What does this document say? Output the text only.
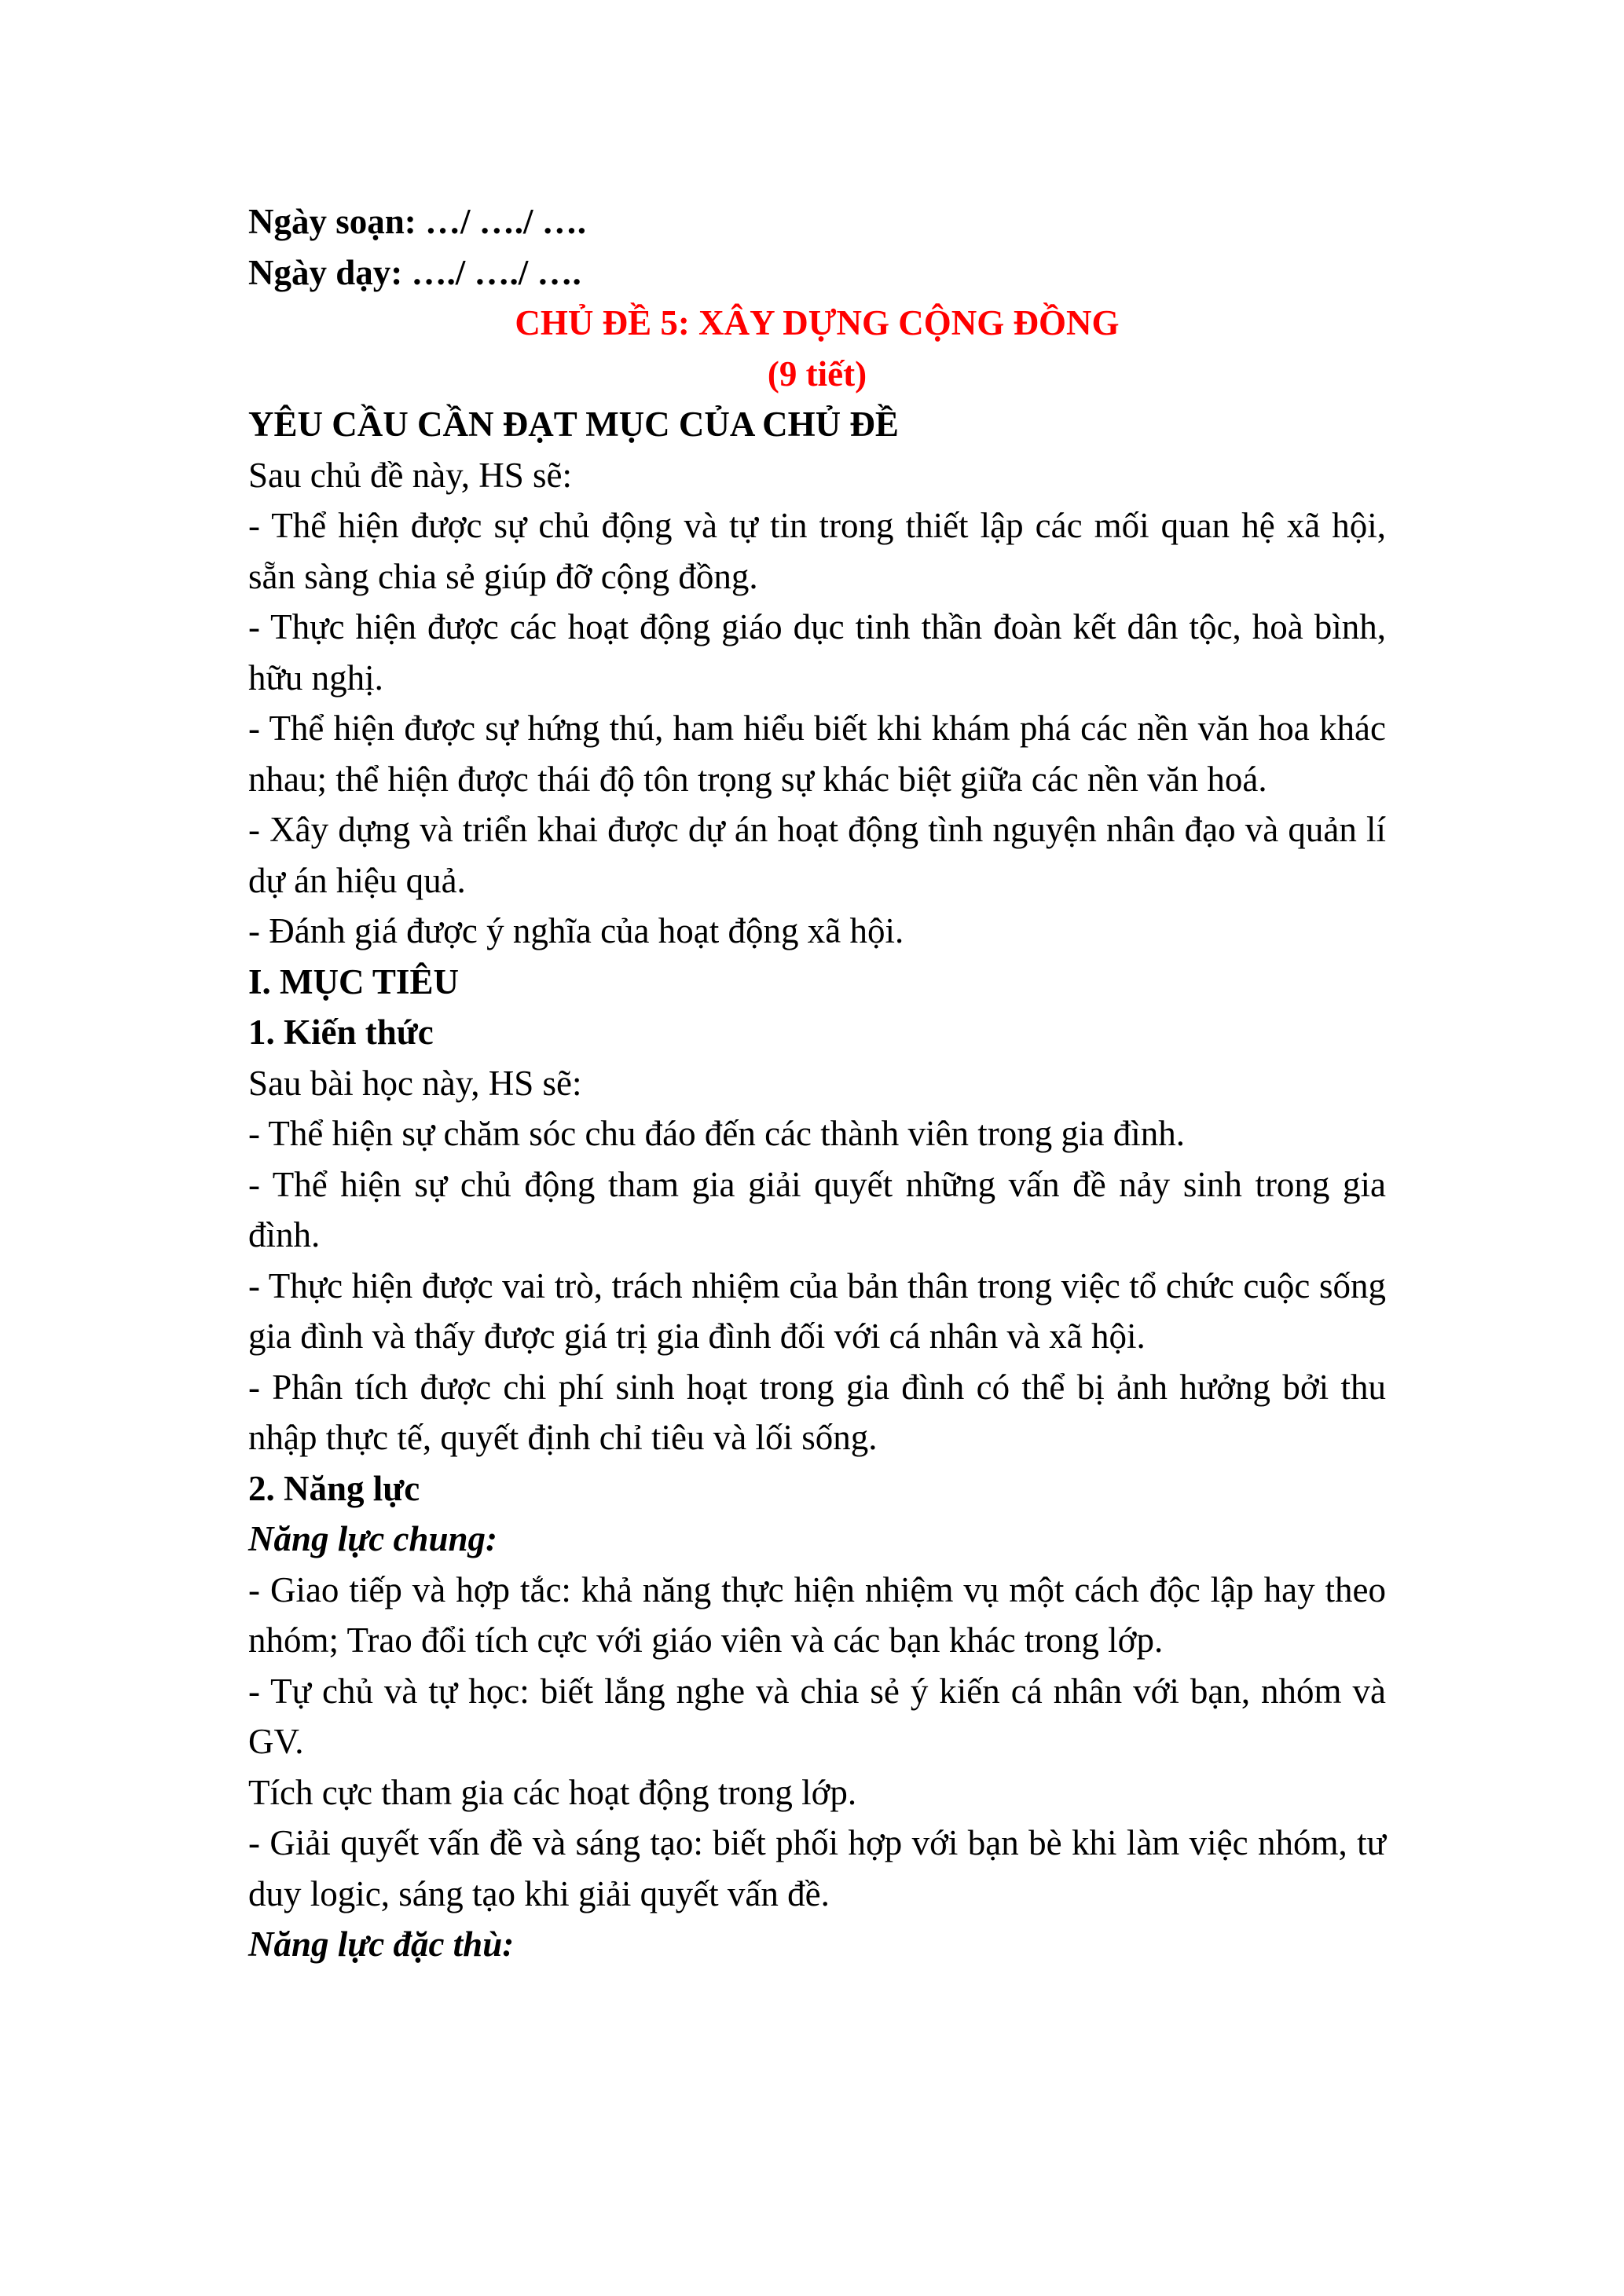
Ngày soạn: …/ …./ ….

Ngày dạy: …./ …./ ….

CHỦ ĐỀ 5: XÂY DỰNG CỘNG ĐỒNG

(9 tiết)

YÊU CẦU CẦN ĐẠT MỤC CỦA CHỦ ĐỀ

Sau chủ đề này, HS sẽ:

- Thể hiện được sự chủ động và tự tin trong thiết lập các mối quan hệ xã hội, sẵn sàng chia sẻ giúp đỡ cộng đồng.

- Thực hiện được các hoạt động giáo dục tinh thần đoàn kết dân tộc, hoà bình, hữu nghị.

- Thể hiện được sự hứng thú, ham hiểu biết khi khám phá các nền văn hoa khác nhau; thể hiện được thái độ tôn trọng sự khác biệt giữa các nền văn hoá.

- Xây dựng và triển khai được dự án hoạt động tình nguyện nhân đạo và quản lí dự án hiệu quả.

- Đánh giá được ý nghĩa của hoạt động xã hội.

I. MỤC TIÊU

1. Kiến thức

Sau bài học này, HS sẽ:

- Thể hiện sự chăm sóc chu đáo đến các thành viên trong gia đình.

- Thể hiện sự chủ động tham gia giải quyết những vấn đề nảy sinh trong gia đình.

- Thực hiện được vai trò, trách nhiệm của bản thân trong việc tổ chức cuộc sống gia đình và thấy được giá trị gia đình đối với cá nhân và xã hội.

- Phân tích được chi phí sinh hoạt trong gia đình có thể bị ảnh hưởng bởi thu nhập thực tế, quyết định chỉ tiêu và lối sống.

2. Năng lực

Năng lực chung:

- Giao tiếp và hợp tắc: khả năng thực hiện nhiệm vụ một cách độc lập hay theo nhóm; Trao đổi tích cực với giáo viên và các bạn khác trong lớp.

- Tự chủ và tự học: biết lắng nghe và chia sẻ ý kiến cá nhân với bạn, nhóm và GV.

Tích cực tham gia các hoạt động trong lớp.

- Giải quyết vấn đề và sáng tạo: biết phối hợp với bạn bè khi làm việc nhóm, tư duy logic, sáng tạo khi giải quyết vấn đề.

Năng lực đặc thù:
